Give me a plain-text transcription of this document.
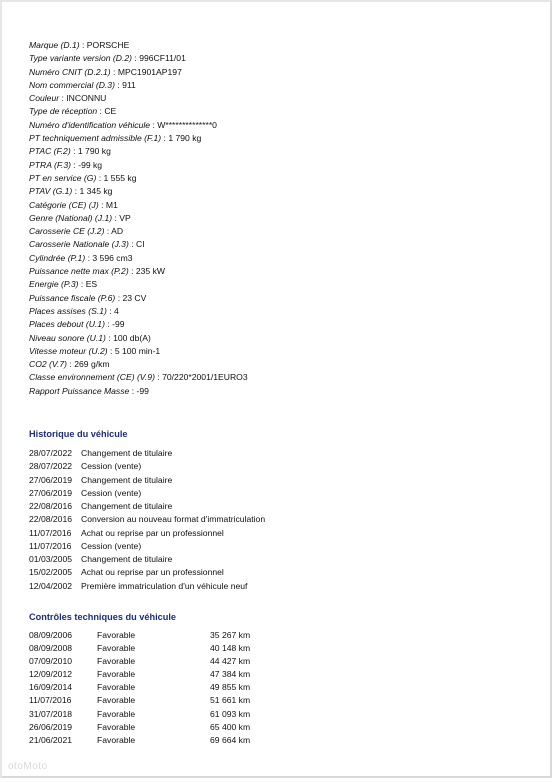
Marque (D.1) : PORSCHE
Type variante version (D.2) : 996CF11/01
Numéro CNIT (D.2.1) : MPC1901AP197
Nom commercial (D.3) : 911
Couleur : INCONNU
Type de réception : CE
Numéro d'identification véhicule : W**************0
PT techniquement admissible (F.1) : 1 790 kg
PTAC (F.2) : 1 790 kg
PTRA (F.3) : -99 kg
PT en service (G) : 1 555 kg
PTAV (G.1) : 1 345 kg
Catégorie (CE) (J) : M1
Genre (National) (J.1) : VP
Carosserie CE (J.2) : AD
Carosserie Nationale (J.3) : CI
Cylindrée (P.1) : 3 596 cm3
Puissance nette max (P.2) : 235 kW
Energie (P.3) : ES
Puissance fiscale (P.6) : 23 CV
Places assises (S.1) : 4
Places debout (U.1) : -99
Niveau sonore (U.1) : 100 db(A)
Vitesse moteur (U.2) : 5 100 min-1
CO2 (V.7) : 269 g/km
Classe environnement (CE) (V.9) : 70/220*2001/1EURO3
Rapport Puissance Masse : -99
Historique du véhicule
28/07/2022 Changement de titulaire
28/07/2022 Cession (vente)
27/06/2019 Changement de titulaire
27/06/2019 Cession (vente)
22/08/2016 Changement de titulaire
22/08/2016 Conversion au nouveau format d'immatriculation
11/07/2016 Achat ou reprise par un professionnel
11/07/2016 Cession (vente)
01/03/2005 Changement de titulaire
15/02/2005 Achat ou reprise par un professionnel
12/04/2002 Première immatriculation d'un véhicule neuf
Contrôles techniques du véhicule
08/09/2006	Favorable	35 267 km
08/09/2008	Favorable	40 148 km
07/09/2010	Favorable	44 427 km
12/09/2012	Favorable	47 384 km
16/09/2014	Favorable	49 855 km
11/07/2016	Favorable	51 661 km
31/07/2018	Favorable	61 093 km
26/06/2019	Favorable	65 400 km
21/06/2021	Favorable	69 664 km
otoMoto
